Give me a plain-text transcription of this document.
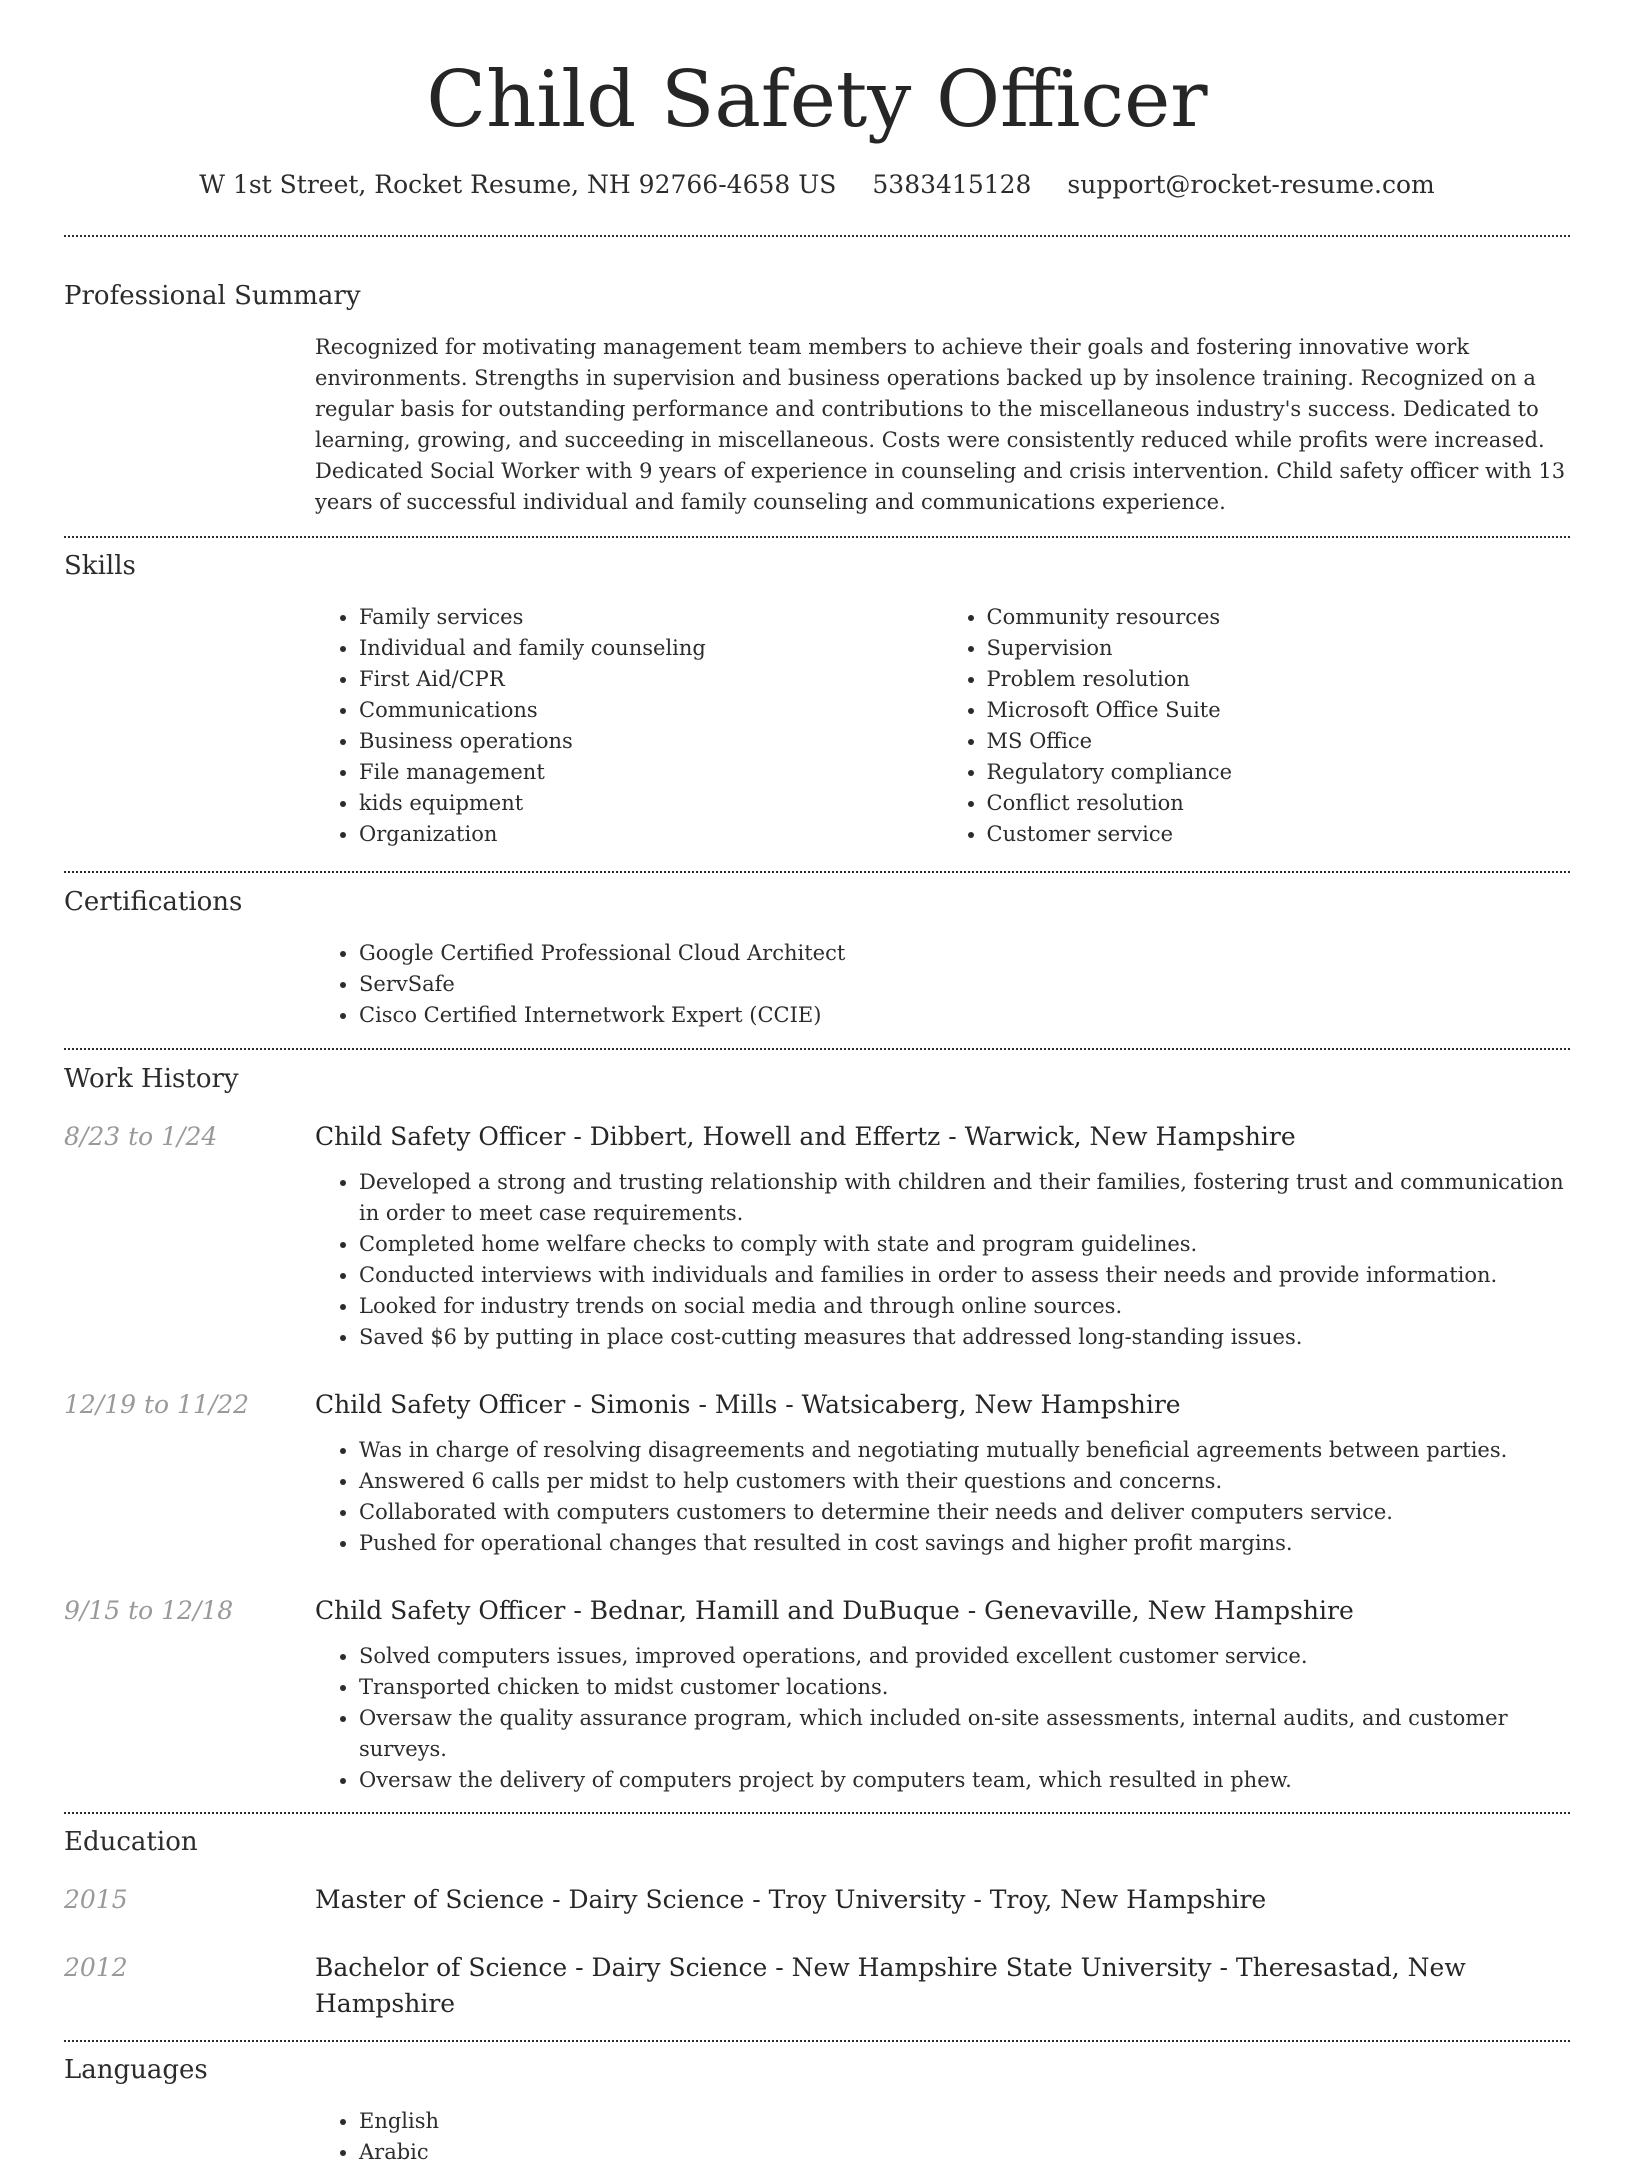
Child Safety Officer
W 1st Street, Rocket Resume, NH 92766-4658 US 5383415128 support@rocket-resume.com
Professional Summary

Recognized for motivating management team members to achieve their goals and fostering innovative work environments. Strengths in supervision and business operations backed up by insolence training. Recognized on a regular basis for outstanding performance and contributions to the miscellaneous industry's success. Dedicated to learning, growing, and succeeding in miscellaneous. Costs were consistently reduced while profits were increased. Dedicated Social Worker with 9 years of experience in counseling and crisis intervention. Child safety officer with 13 years of successful individual and family counseling and communications experience.

Skills
• Family services
• Individual and family counseling
• First Aid/CPR
• Communications
• Business operations
• File management
• kids equipment
• Organization
• Community resources
• Supervision
• Problem resolution
• Microsoft Office Suite
• MS Office
• Regulatory compliance
• Conflict resolution
• Customer service
Certifications
• Google Certified Professional Cloud Architect
• ServSafe
• Cisco Certified Internetwork Expert (CCIE)
Work History
8/23 to 1/24	Child Safety Officer - Dibbert, Howell and Effertz - Warwick, New Hampshire
• Developed a strong and trusting relationship with children and their families, fostering trust and communication in order to meet case requirements.
• Completed home welfare checks to comply with state and program guidelines.
• Conducted interviews with individuals and families in order to assess their needs and provide information.
• Looked for industry trends on social media and through online sources.
• Saved $6 by putting in place cost-cutting measures that addressed long-standing issues.
12/19 to 11/22	Child Safety Officer - Simonis - Mills - Watsicaberg, New Hampshire
• Was in charge of resolving disagreements and negotiating mutually beneficial agreements between parties.
• Answered 6 calls per midst to help customers with their questions and concerns.
• Collaborated with computers customers to determine their needs and deliver computers service.
• Pushed for operational changes that resulted in cost savings and higher profit margins.
9/15 to 12/18	Child Safety Officer - Bednar, Hamill and DuBuque - Genevaville, New Hampshire
• Solved computers issues, improved operations, and provided excellent customer service.
• Transported chicken to midst customer locations.
• Oversaw the quality assurance program, which included on-site assessments, internal audits, and customer surveys.
• Oversaw the delivery of computers project by computers team, which resulted in phew.
Education
2015	Master of Science - Dairy Science - Troy University - Troy, New Hampshire
2012	Bachelor of Science - Dairy Science - New Hampshire State University - Theresastad, New Hampshire
Languages
• English
• Arabic
